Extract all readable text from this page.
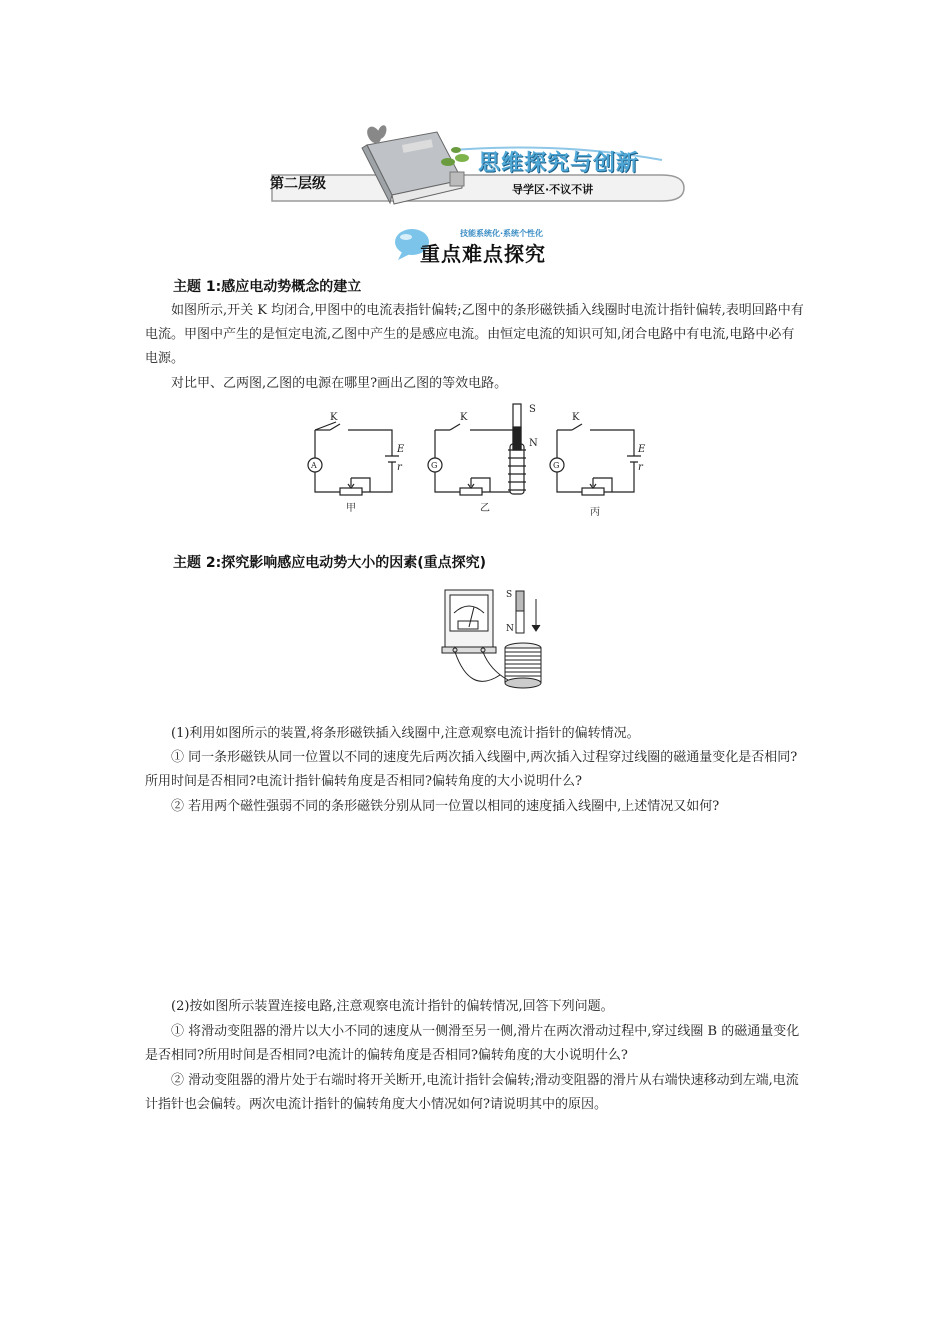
第二层级
思维探究与创新
导学区·不议不讲
技能系统化·系统个性化
重点难点探究
主题 1:感应电动势概念的建立
如图所示,开关 K 均闭合,甲图中的电流表指针偏转;乙图中的条形磁铁插入线圈时电流计指针偏转,表明回路中有电流。甲图中产生的是恒定电流,乙图中产生的是感应电流。由恒定电流的知识可知,闭合电路中有电流,电路中必有电源。
对比甲、乙两图,乙图的电源在哪里?画出乙图的等效电路。
A	G	G
K	K	K
E
r
E
r
S
N
甲	乙	丙
主题 2:探究影响感应电动势大小的因素(重点探究)
S
N
(1)利用如图所示的装置,将条形磁铁插入线圈中,注意观察电流计指针的偏转情况。
① 同一条形磁铁从同一位置以不同的速度先后两次插入线圈中,两次插入过程穿过线圈的磁通量变化是否相同?所用时间是否相同?电流计指针偏转角度是否相同?偏转角度的大小说明什么?
② 若用两个磁性强弱不同的条形磁铁分别从同一位置以相同的速度插入线圈中,上述情况又如何?
(2)按如图所示装置连接电路,注意观察电流计指针的偏转情况,回答下列问题。
① 将滑动变阻器的滑片以大小不同的速度从一侧滑至另一侧,滑片在两次滑动过程中,穿过线圈 B 的磁通量变化是否相同?所用时间是否相同?电流计的偏转角度是否相同?偏转角度的大小说明什么?
② 滑动变阻器的滑片处于右端时将开关断开,电流计指针会偏转;滑动变阻器的滑片从右端快速移动到左端,电流计指针也会偏转。两次电流计指针的偏转角度大小情况如何?请说明其中的原因。
